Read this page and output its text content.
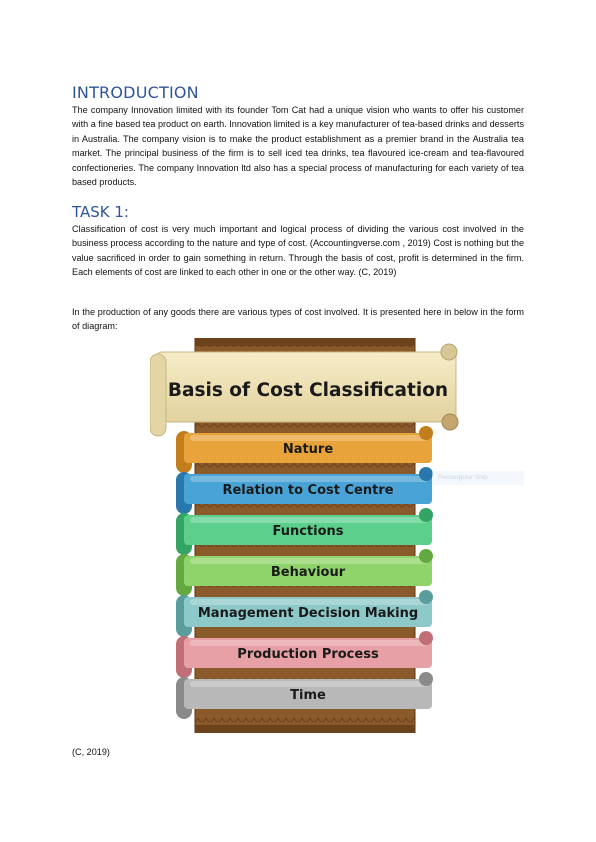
INTRODUCTION

The company Innovation limited with its founder Tom Cat had a unique vision who wants to offer his customer with a fine based tea product on earth. Innovation limited is a key manufacturer of tea-based drinks and desserts in Australia. The company vision is to make the product establishment as a premier brand in the Australia tea market. The principal business of the firm is to sell iced tea drinks, tea flavoured ice-cream and tea-flavoured confectioneries. The company Innovation ltd also has a special process of manufacturing for each variety of tea based products.

TASK 1:

Classification of cost is very much important and logical process of dividing the various cost involved in the business process according to the nature and type of cost. (Accountingverse.com , 2019) Cost is nothing but the value sacrificed in order to gain something in return. Through the basis of cost, profit is determined in the firm. Each elements of cost are linked to each other in one or the other way. (C, 2019)

In the production of any goods there are various types of cost involved. It is presented here in below in the form of diagram:

Basis of Cost Classification
Nature
Relation to Cost Centre
Functions
Behaviour
Management Decision Making
Production Process
Time
Rectangular Snip

(C, 2019)
